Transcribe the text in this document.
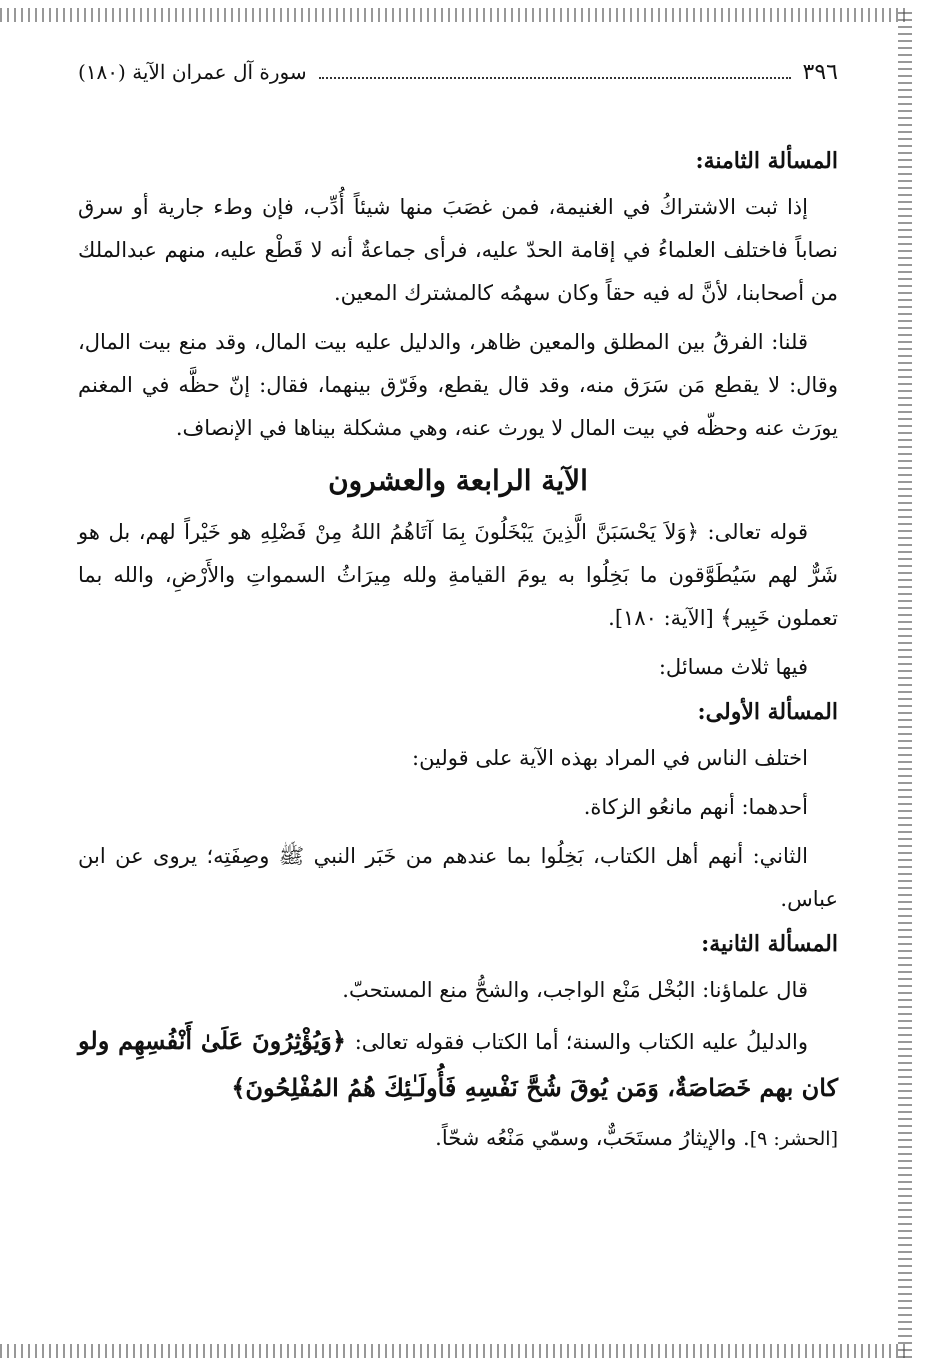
٣٩٦
سورة آل عمران الآية (١٨٠)
المسألة الثامنة:

إذا ثبت الاشتراكُ في الغنيمة، فمن غصَبَ منها شيئاً أُدِّب، فإن وطء جارية أو سرق نصاباً فاختلف العلماءُ في إقامة الحدّ عليه، فرأى جماعةٌ أنه لا قَطْع عليه، منهم عبدالملك من أصحابنا، لأنَّ له فيه حقاً وكان سهمُه كالمشترك المعين.

قلنا: الفرقُ بين المطلق والمعين ظاهر، والدليل عليه بيت المال، وقد منع بيت المال، وقال: لا يقطع مَن سَرَق منه، وقد قال يقطع، وفَرّق بينهما، فقال: إنّ حظَّه في المغنم يورَث عنه وحظّه في بيت المال لا يورث عنه، وهي مشكلة بيناها في الإنصاف.

الآية الرابعة والعشرون

قوله تعالى: ﴿وَلاَ يَحْسَبَنَّ الَّذِينَ يَبْخَلُونَ بِمَا آتَاهُمُ اللهُ مِنْ فَضْلِهِ هو خَيْراً لهم، بل هو شَرٌّ لهم سَيُطَوَّقون ما بَخِلُوا به يومَ القيامةِ ولله مِيرَاثُ السمواتِ والأَرْضِ، والله بما تعملون خَبِير﴾ [الآية: ١٨٠].

فيها ثلاث مسائل:

المسألة الأولى:

اختلف الناس في المراد بهذه الآية على قولين:

أحدهما: أنهم مانعُو الزكاة.

الثاني: أنهم أهل الكتاب، بَخِلُوا بما عندهم من خَبَر النبي ﷺ وصِفَتِه؛ يروى عن ابن عباس.

المسألة الثانية:

قال علماؤنا: البُخْل مَنْع الواجب، والشحُّ منع المستحبّ.

والدليلُ عليه الكتاب والسنة؛ أما الكتاب فقوله تعالى: ﴿وَيُؤْثِرُونَ عَلَىٰ أَنْفُسِهِم ولو كان بهم خَصَاصَةٌ، وَمَن يُوقَ شُحَّ نَفْسِهِ فَأُولَـٰئِكَ هُمُ المُفْلِحُونَ﴾

[الحشر: ٩]. والإيثارُ مستَحَبٌّ، وسمّي مَنْعُه شحّاً.
